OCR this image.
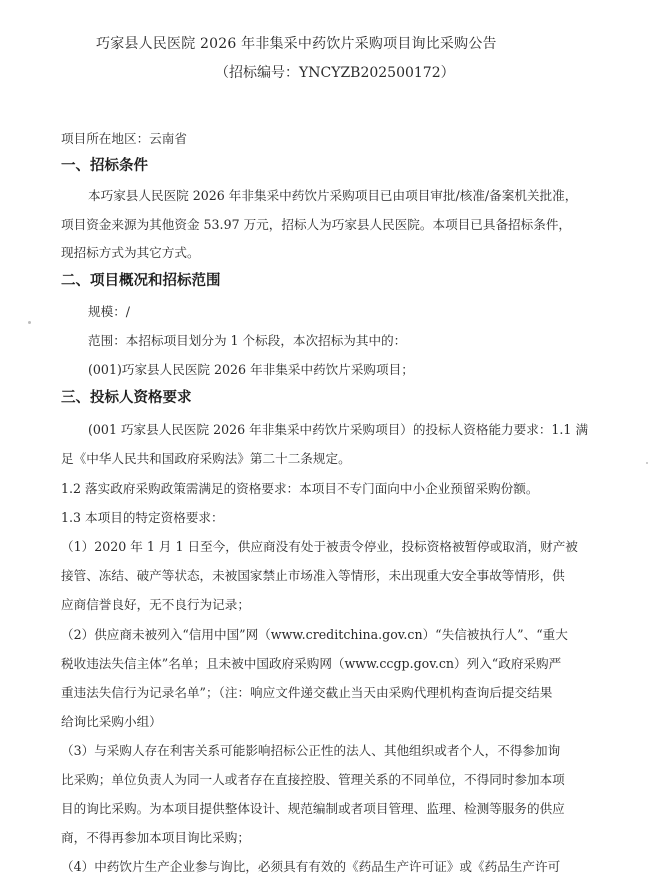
巧家县人民医院 2026 年非集采中药饮片采购项目询比采购公告
（招标编号：YNCYZB202500172）
项目所在地区：云南省
一、招标条件
本巧家县人民医院 2026 年非集采中药饮片采购项目已由项目审批/核准/备案机关批准，
项目资金来源为其他资金 53.97 万元，招标人为巧家县人民医院。本项目已具备招标条件，
现招标方式为其它方式。
二、项目概况和招标范围
规模：/
范围：本招标项目划分为 1 个标段，本次招标为其中的：
(001)巧家县人民医院 2026 年非集采中药饮片采购项目；
三、投标人资格要求
(001 巧家县人民医院 2026 年非集采中药饮片采购项目）的投标人资格能力要求：1.1 满
足《中华人民共和国政府采购法》第二十二条规定。
1.2 落实政府采购政策需满足的资格要求：本项目不专门面向中小企业预留采购份额。
1.3 本项目的特定资格要求：
（1）2020 年 1 月 1 日至今，供应商没有处于被责令停业，投标资格被暂停或取消，财产被
接管、冻结、破产等状态，未被国家禁止市场准入等情形，未出现重大安全事故等情形，供
应商信誉良好，无不良行为记录；
（2）供应商未被列入“信用中国”网（www.creditchina.gov.cn）“失信被执行人”、“重大
税收违法失信主体”名单；且未被中国政府采购网（www.ccgp.gov.cn）列入“政府采购严
重违法失信行为记录名单”；（注：响应文件递交截止当天由采购代理机构查询后提交结果
给询比采购小组）
（3）与采购人存在利害关系可能影响招标公正性的法人、其他组织或者个人，不得参加询
比采购；单位负责人为同一人或者存在直接控股、管理关系的不同单位，不得同时参加本项
目的询比采购。为本项目提供整体设计、规范编制或者项目管理、监理、检测等服务的供应
商，不得再参加本项目询比采购；
（4）中药饮片生产企业参与询比，必须具有有效的《药品生产许可证》或《药品生产许可
